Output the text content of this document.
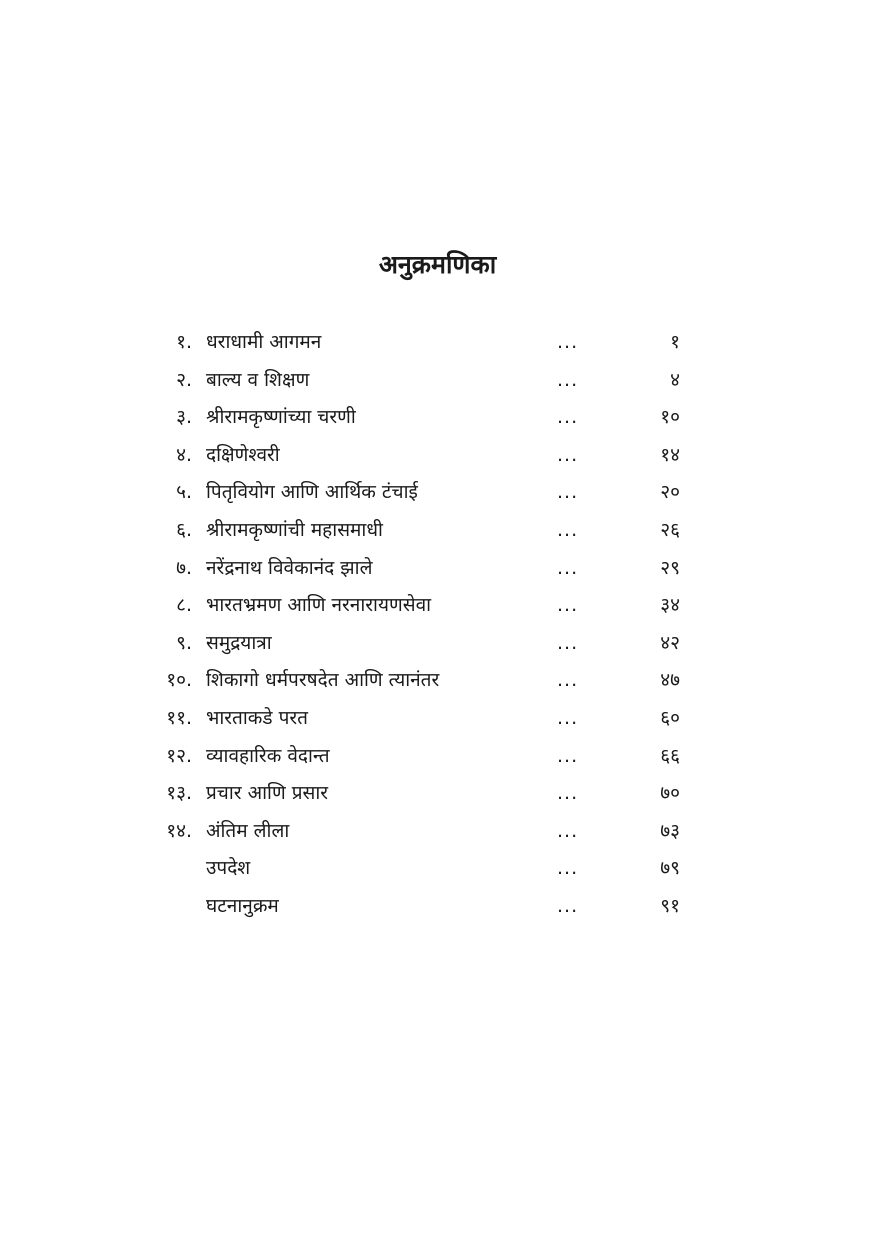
अनुक्रमणिका
१. धराधामी आगमन	...	१
२. बाल्य व शिक्षण	...	४
३. श्रीरामकृष्णांच्या चरणी	...	१०
४. दक्षिणेश्वरी	...	१४
५. पितृवियोग आणि आर्थिक टंचाई	...	२०
६. श्रीरामकृष्णांची महासमाधी	...	२६
७. नरेंद्रनाथ विवेकानंद झाले	...	२९
८. भारतभ्रमण आणि नरनारायणसेवा	...	३४
९. समुद्रयात्रा	...	४२
१०. शिकागो धर्मपरषदेत आणि त्यानंतर	...	४७
११. भारताकडे परत	...	६०
१२. व्यावहारिक वेदान्त	...	६६
१३. प्रचार आणि प्रसार	...	७०
१४. अंतिम लीला	...	७३
उपदेश	...	७९
घटनानुक्रम	...	९१
